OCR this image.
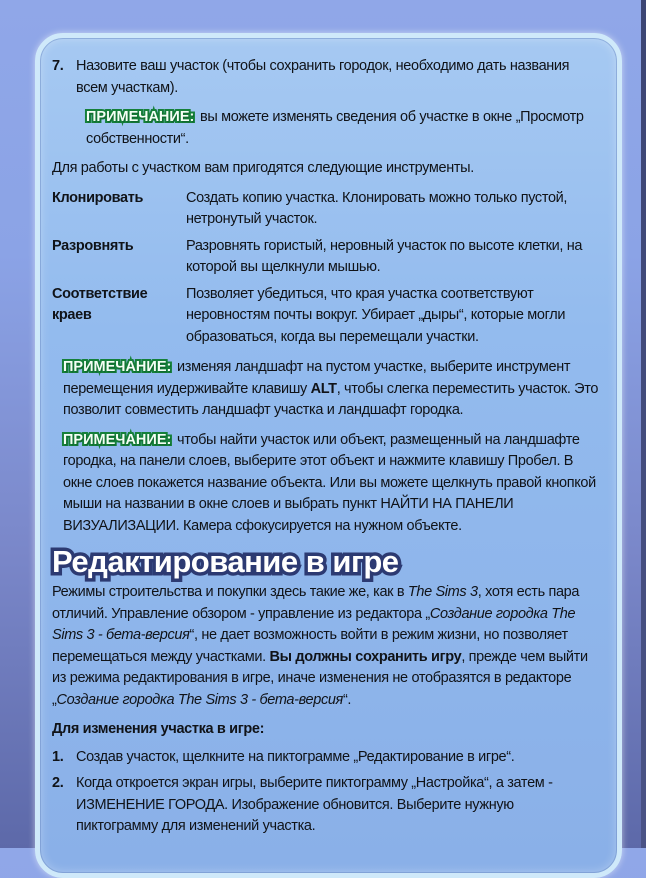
7. Назовите ваш участок (чтобы сохранить городок, необходимо дать названия всем участкам).
ПРИМЕЧАНИЕ: вы можете изменять сведения об участке в окне „Просмотр собственности“.

Для работы с участком вам пригодятся следующие инструменты.

Клонировать	Создать копию участка. Клонировать можно только пустой, нетронутый участок.
Разровнять	Разровнять гористый, неровный участок по высоте клетки, на которой вы щелкнули мышью.
Соответствие краев
Позволяет убедиться, что края участка соответствуют неровностям почты вокруг. Убирает „дыры“, которые могли образоваться, когда вы перемещали участки.
ПРИМЕЧАНИЕ: изменяя ландшафт на пустом участке, выберите инструмент перемещения иудерживайте клавишу ALT, чтобы слегка переместить участок. Это позволит совместить ландшафт участка и ландшафт городка.
ПРИМЕЧАНИЕ: чтобы найти участок или объект, размещенный на ландшафте городка, на панели слоев, выберите этот объект и нажмите клавишу Пробел. В окне слоев покажется название объекта. Или вы можете щелкнуть правой кнопкой мыши на названии в окне слоев и выбрать пункт НАЙТИ НА ПАНЕЛИ ВИЗУАЛИЗАЦИИ. Камера сфокусируется на нужном объекте.
Редактирование в игре

Режимы строительства и покупки здесь такие же, как в The Sims 3, хотя есть пара отличий. Управление обзором - управление из редактора „Создание городка The Sims 3 - бета-версия“, не дает возможность войти в режим жизни, но позволяет перемещаться между участками. Вы должны сохранить игру, прежде чем выйти из режима редактирования в игре, иначе изменения не отобразятся в редакторе „Создание городка The Sims 3 - бета-версия“.

Для изменения участка в игре:

1. Создав участок, щелкните на пиктограмме „Редактирование в игре“.
2. Когда откроется экран игры, выберите пиктограмму „Настройка“, а затем - ИЗМЕНЕНИЕ ГОРОДА. Изображение обновится. Выберите нужную пиктограмму для изменений участка.
